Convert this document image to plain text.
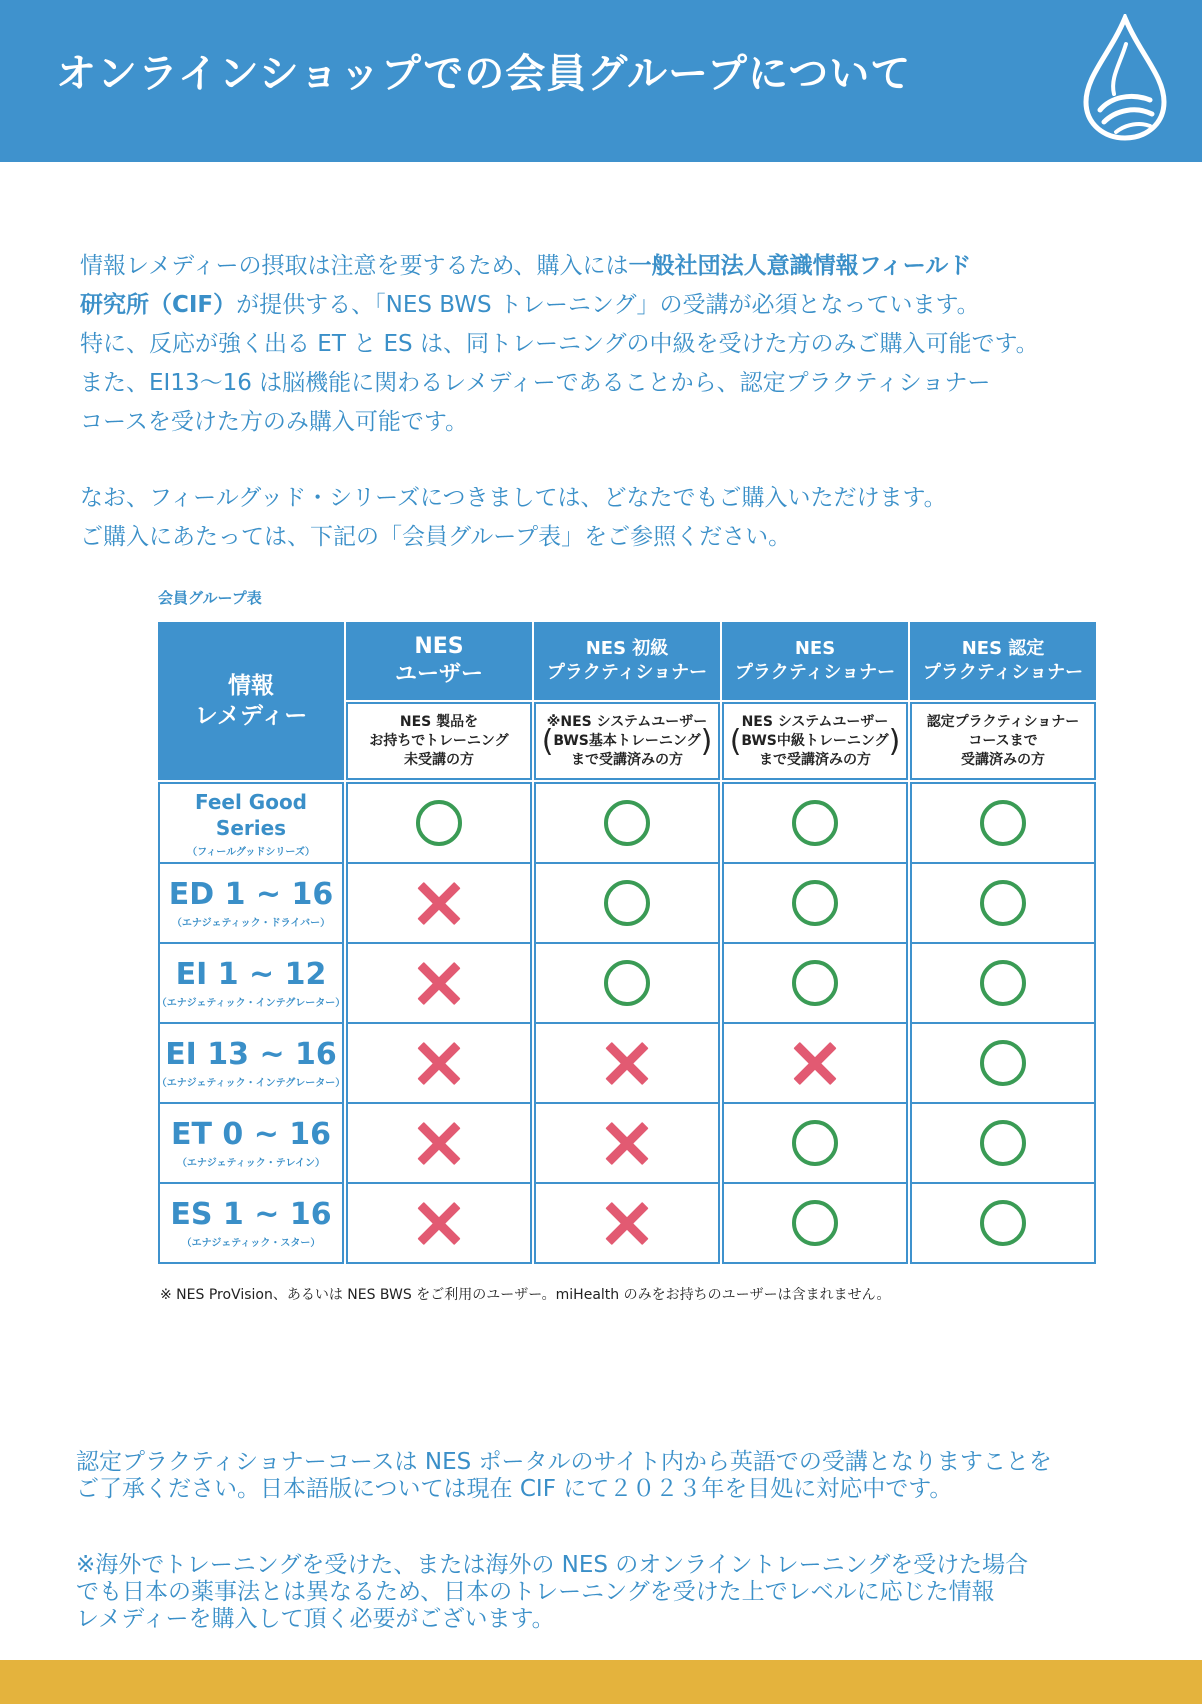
オンラインショップでの会員グループについて

情報レメディーの摂取は注意を要するため、購入には一般社団法人意識情報フィールド

研究所（CIF）が提供する、「NES BWS トレーニング」の受講が必須となっています。

特に、反応が強く出る ET と ES は、同トレーニングの中級を受けた方のみご購入可能です。

また、EI13〜16 は脳機能に関わるレメディーであることから、認定プラクティショナー

コースを受けた方のみ購入可能です。

なお、フィールグッド・シリーズにつきましては、どなたでもご購入いただけます。

ご購入にあたっては、下記の「会員グループ表」をご参照ください。

会員グループ表
情報
レメディー
NES
ユーザー
NES 製品を
お持ちでトレーニング
未受講の方
NES 初級
プラクティショナー
※NES システムユーザー
( BWS基本トレーニング )
まで受講済みの方
NES
プラクティショナー
NES システムユーザー
( BWS中級トレーニング )
まで受講済みの方
NES 認定
プラクティショナー
認定プラクティショナー
コースまで
受講済みの方
Feel Good Series
（フィールグッドシリーズ）
ED 1 ~ 16
（エナジェティック・ドライバー）
EI 1 ~ 12
（エナジェティック・インテグレーター）
EI 13 ~ 16
（エナジェティック・インテグレーター）
ET 0 ~ 16
（エナジェティック・テレイン）
ES 1 ~ 16
（エナジェティック・スター）
※ NES ProVision、あるいは NES BWS をご利用のユーザー。miHealth のみをお持ちのユーザーは含まれません。

認定プラクティショナーコースは NES ポータルのサイト内から英語での受講となりますことを

ご了承ください。日本語版については現在 CIF にて２０２３年を目処に対応中です。

※海外でトレーニングを受けた、または海外の NES のオンライントレーニングを受けた場合

でも日本の薬事法とは異なるため、日本のトレーニングを受けた上でレベルに応じた情報

レメディーを購入して頂く必要がございます。
